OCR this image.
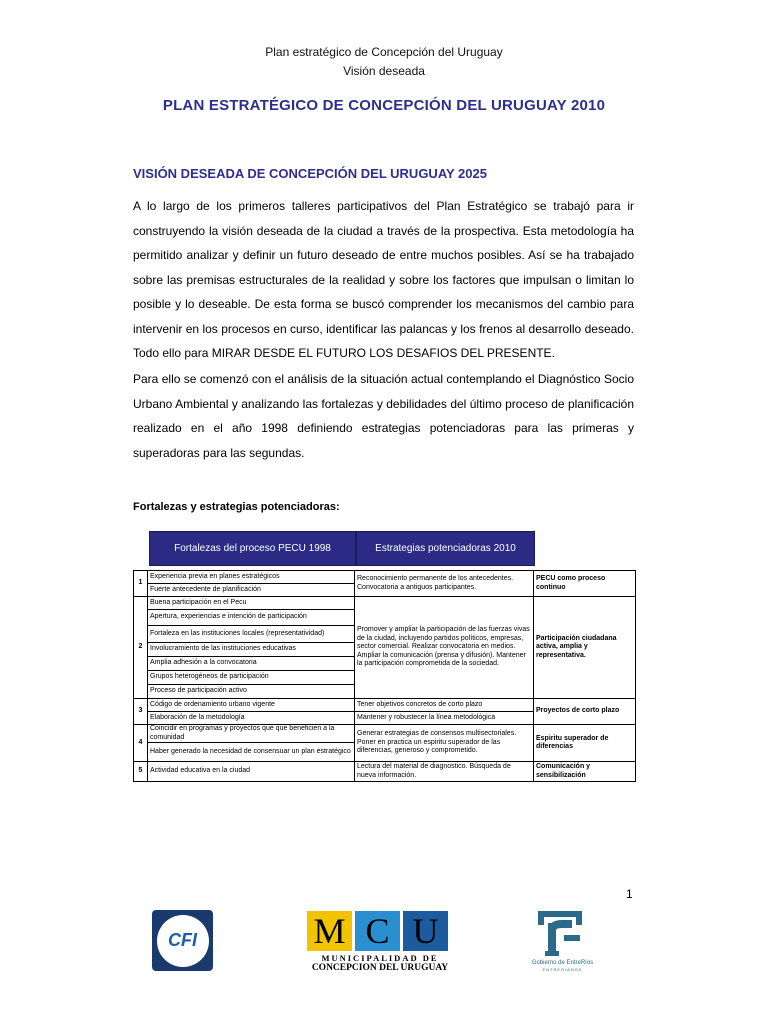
Plan estratégico de Concepción del Uruguay
Visión deseada
PLAN ESTRATÉGICO DE CONCEPCIÓN DEL URUGUAY 2010
VISIÓN DESEADA DE CONCEPCIÓN DEL URUGUAY 2025
A lo largo de los primeros talleres participativos del Plan Estratégico se trabajó para ir construyendo la visión deseada de la ciudad a través de la prospectiva. Esta metodología ha permitido analizar y definir un futuro deseado de entre muchos posibles. Así se ha trabajado sobre las premisas estructurales de la realidad y sobre los factores que impulsan o limitan lo posible y lo deseable. De esta forma se buscó comprender los mecanismos del cambio para intervenir en los procesos en curso, identificar las palancas y los frenos al desarrollo deseado. Todo ello para MIRAR DESDE EL FUTURO LOS DESAFIOS DEL PRESENTE.
Para ello se comenzó con el análisis de la situación actual contemplando el Diagnóstico Socio Urbano Ambiental y analizando las fortalezas y debilidades del último proceso de planificación realizado en el año 1998 definiendo estrategias potenciadoras para las primeras y superadoras para las segundas.
Fortalezas y estrategias potenciadoras:
Fortalezas del proceso PECU 1998	Estrategias potenciadoras 2010
1	Experiencia previa en planes estratégicos	Reconocimiento permanente de los antecedentes. Convocatoria a antiguos participantes.	PECU como proceso continuo
	Fuerte antecedente de planificación		
2	Buena participación en el Pecu	Promover y ampliar la participación de las fuerzas vivas de la ciudad, incluyendo partidos políticos, empresas, sector comercial. Realizar convocatoria en medios. Ampliar la comunicación (prensa y difusión). Mantener la participación comprometida de la sociedad.	Participación ciudadana activa, amplia y representativa.
	Apertura, experiencias e intención de participación		
	Fortaleza en las instituciones locales (representatividad)		
	Involucramiento de las instituciones educativas		
	Amplia adhesión a la convocatoria		
	Grupos heterogéneos de participación		
	Proceso de participación activo		
3	Código de ordenamiento urbano vigente	Tener objetivos concretos de corto plazo	Proyectos de corto plazo
	Elaboración de la metodología	Mantener y robustecer la línea metodológica	
4	Coincidir en programas y proyectos que que beneficien a la comunidad	Generar estrategias de consensos multisectoriales. Poner en practica un espiritu superador de las diferencias, generoso y comprometido.	Espiritu superador de diferencias
	Haber generado la necesidad de consensuar un plan estratégico		
5	Actividad educativa en la ciudad	Lectura del material de diagnostico. Búsqueda de nueva información.	Comunicación y sensibilización
1
CFI	M C U
MUNICIPALIDAD DE
CONCEPCION DEL URUGUAY	Gobierno de EntreRíos
ENTRERIANOS
